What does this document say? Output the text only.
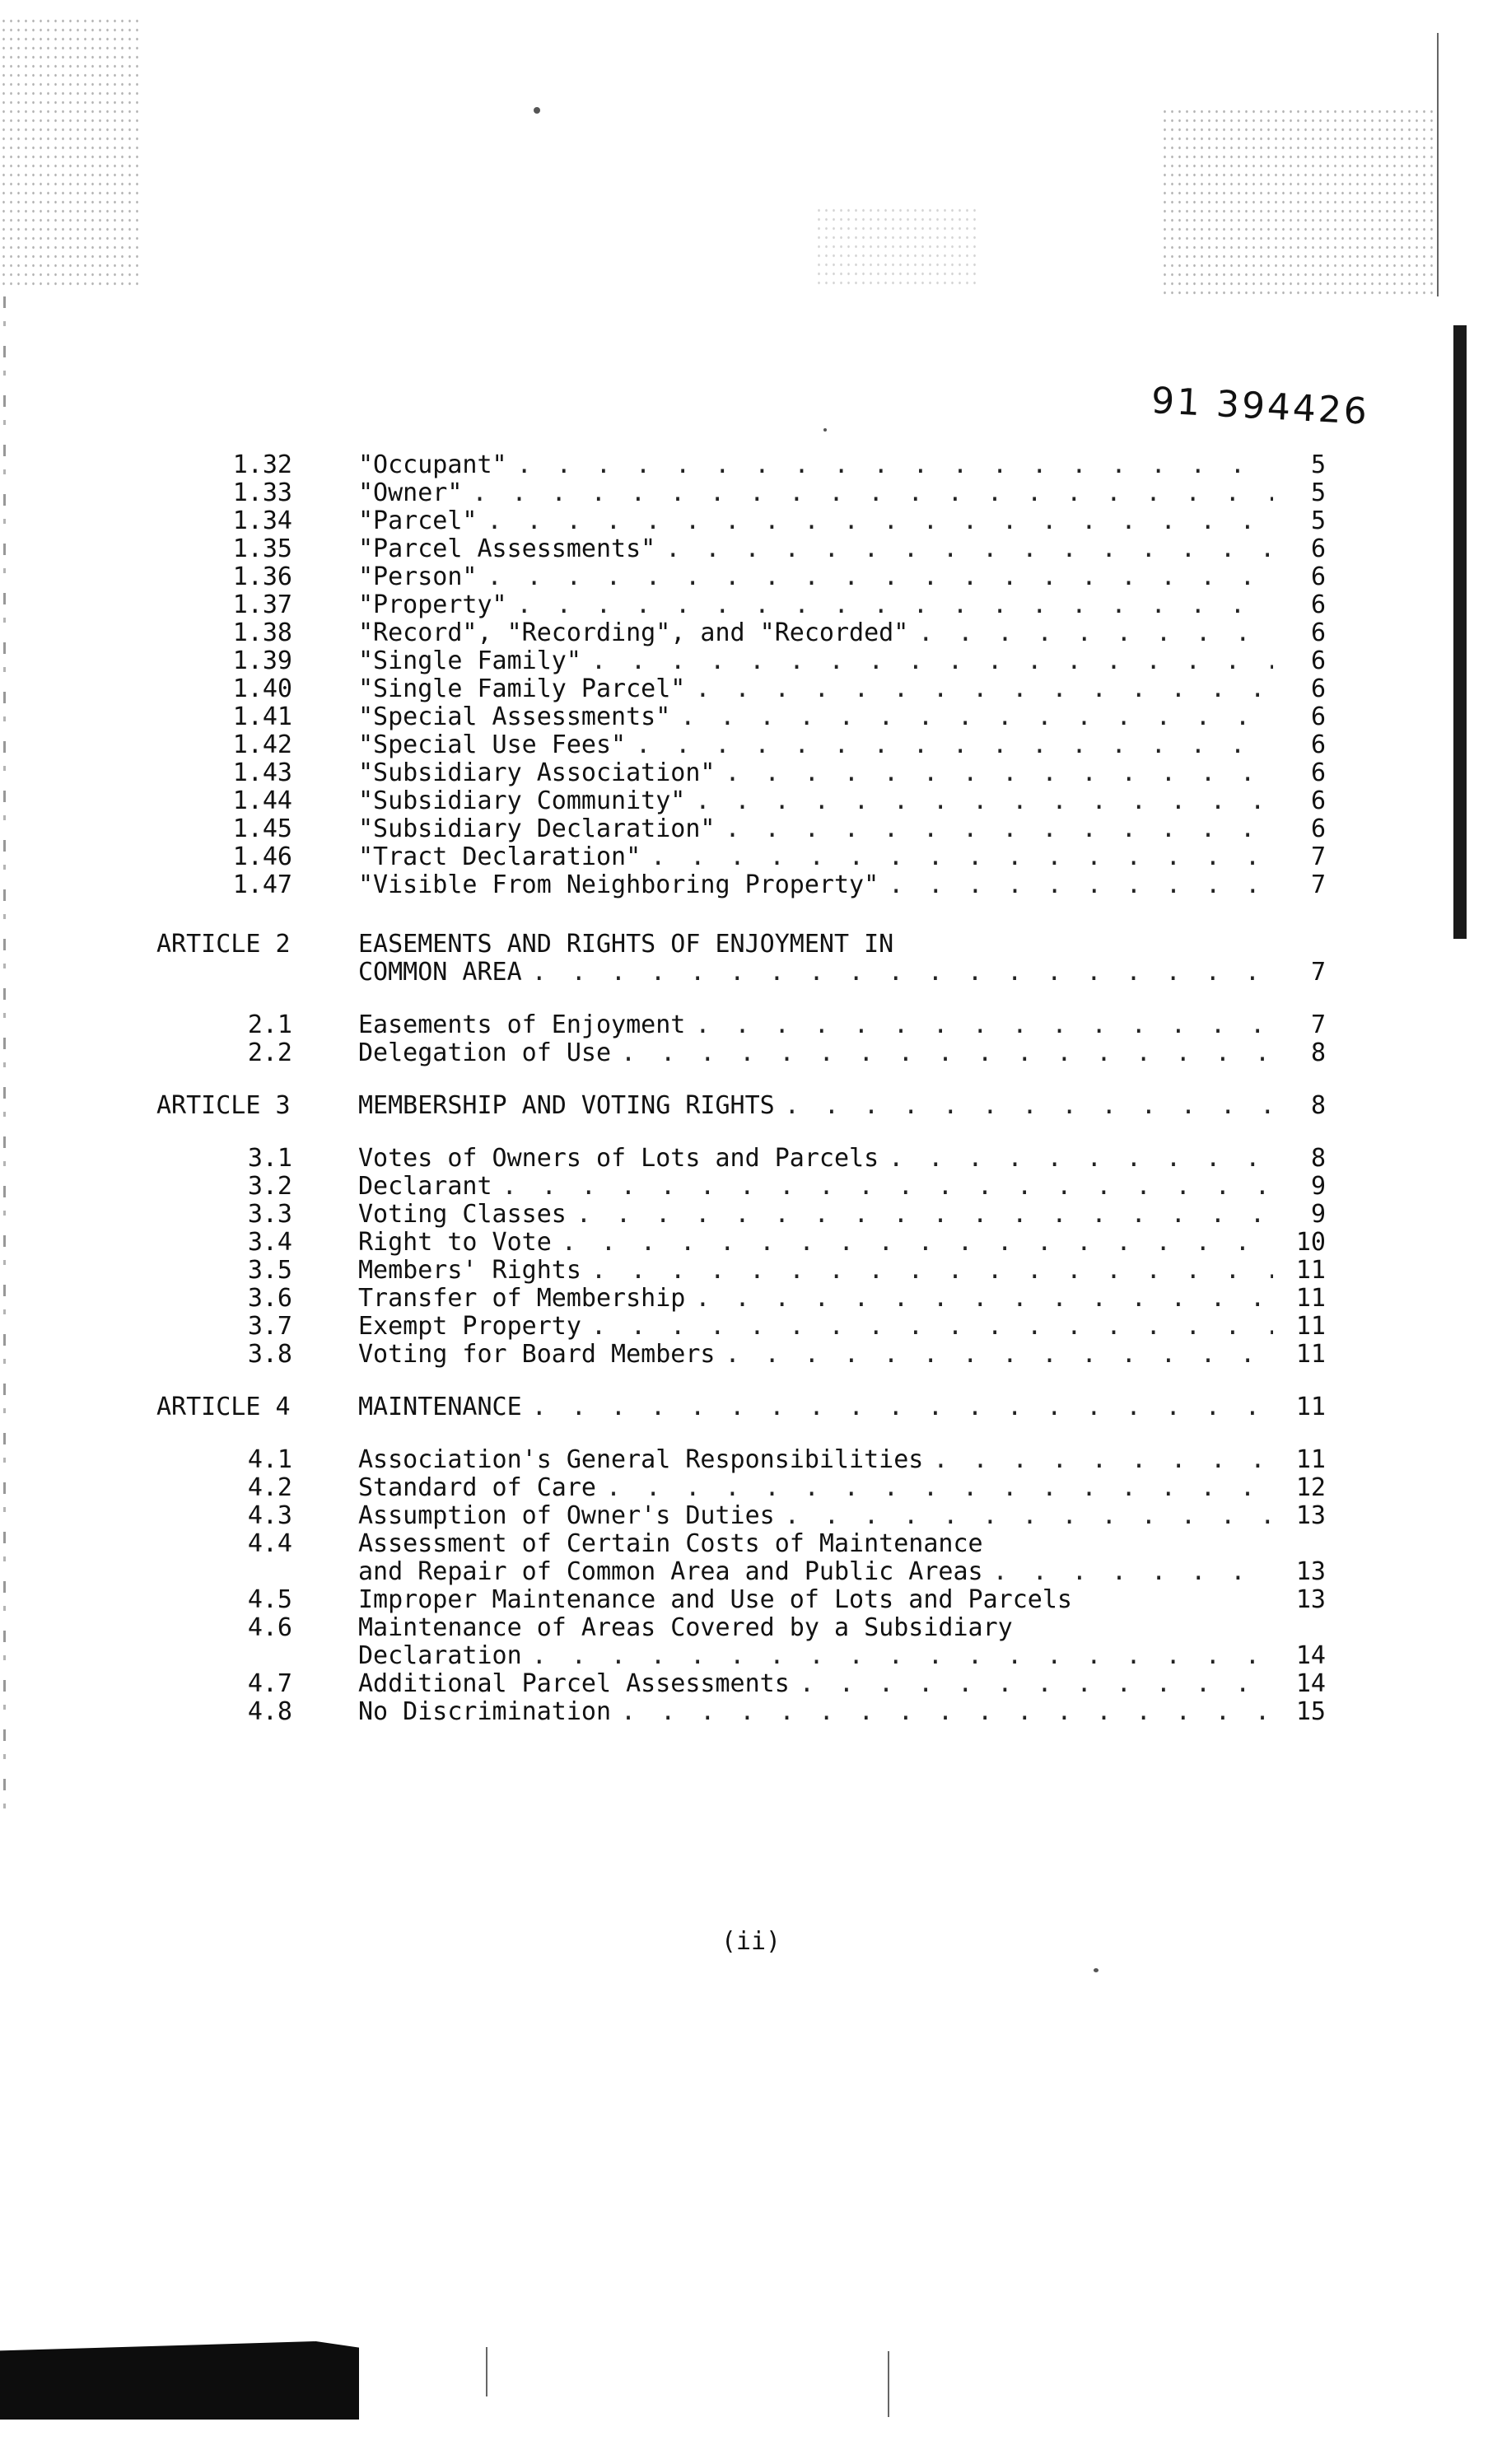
91 394426
1.32	"Occupant" . . .	5
1.33	"Owner" . . .	5
1.34	"Parcel" . . .	5
1.35	"Parcel Assessments" . . .	6
1.36	"Person" . . .	6
1.37	"Property" . . .	6
1.38	"Record", "Recording", and "Recorded" . . .	6
1.39	"Single Family" . . .	6
1.40	"Single Family Parcel" . . .	6
1.41	"Special Assessments" . . .	6
1.42	"Special Use Fees" . . .	6
1.43	"Subsidiary Association" . . .	6
1.44	"Subsidiary Community" . . .	6
1.45	"Subsidiary Declaration" . . .	6
1.46	"Tract Declaration" . . .	7
1.47	"Visible From Neighboring Property" . . .	7
ARTICLE 2	EASEMENTS AND RIGHTS OF ENJOYMENT IN
COMMON AREA . . .	7
2.1	Easements of Enjoyment . . .	7
2.2	Delegation of Use . . .	8
ARTICLE 3	MEMBERSHIP AND VOTING RIGHTS . . .	8
3.1	Votes of Owners of Lots and Parcels . . .	8
3.2	Declarant . . .	9
3.3	Voting Classes . . .	9
3.4	Right to Vote . . .	10
3.5	Members' Rights . . .	11
3.6	Transfer of Membership . . .	11
3.7	Exempt Property . . .	11
3.8	Voting for Board Members . . .	11
ARTICLE 4	MAINTENANCE . . .	11
4.1	Association's General Responsibilities . . .	11
4.2	Standard of Care . . .	12
4.3	Assumption of Owner's Duties . . .	13
4.4	Assessment of Certain Costs of Maintenance
and Repair of Common Area and Public Areas . . .	13
4.5	Improper Maintenance and Use of Lots and Parcels	13
4.6	Maintenance of Areas Covered by a Subsidiary
Declaration . . .	14
4.7	Additional Parcel Assessments . . .	14
4.8	No Discrimination . . .	15
(ii)
